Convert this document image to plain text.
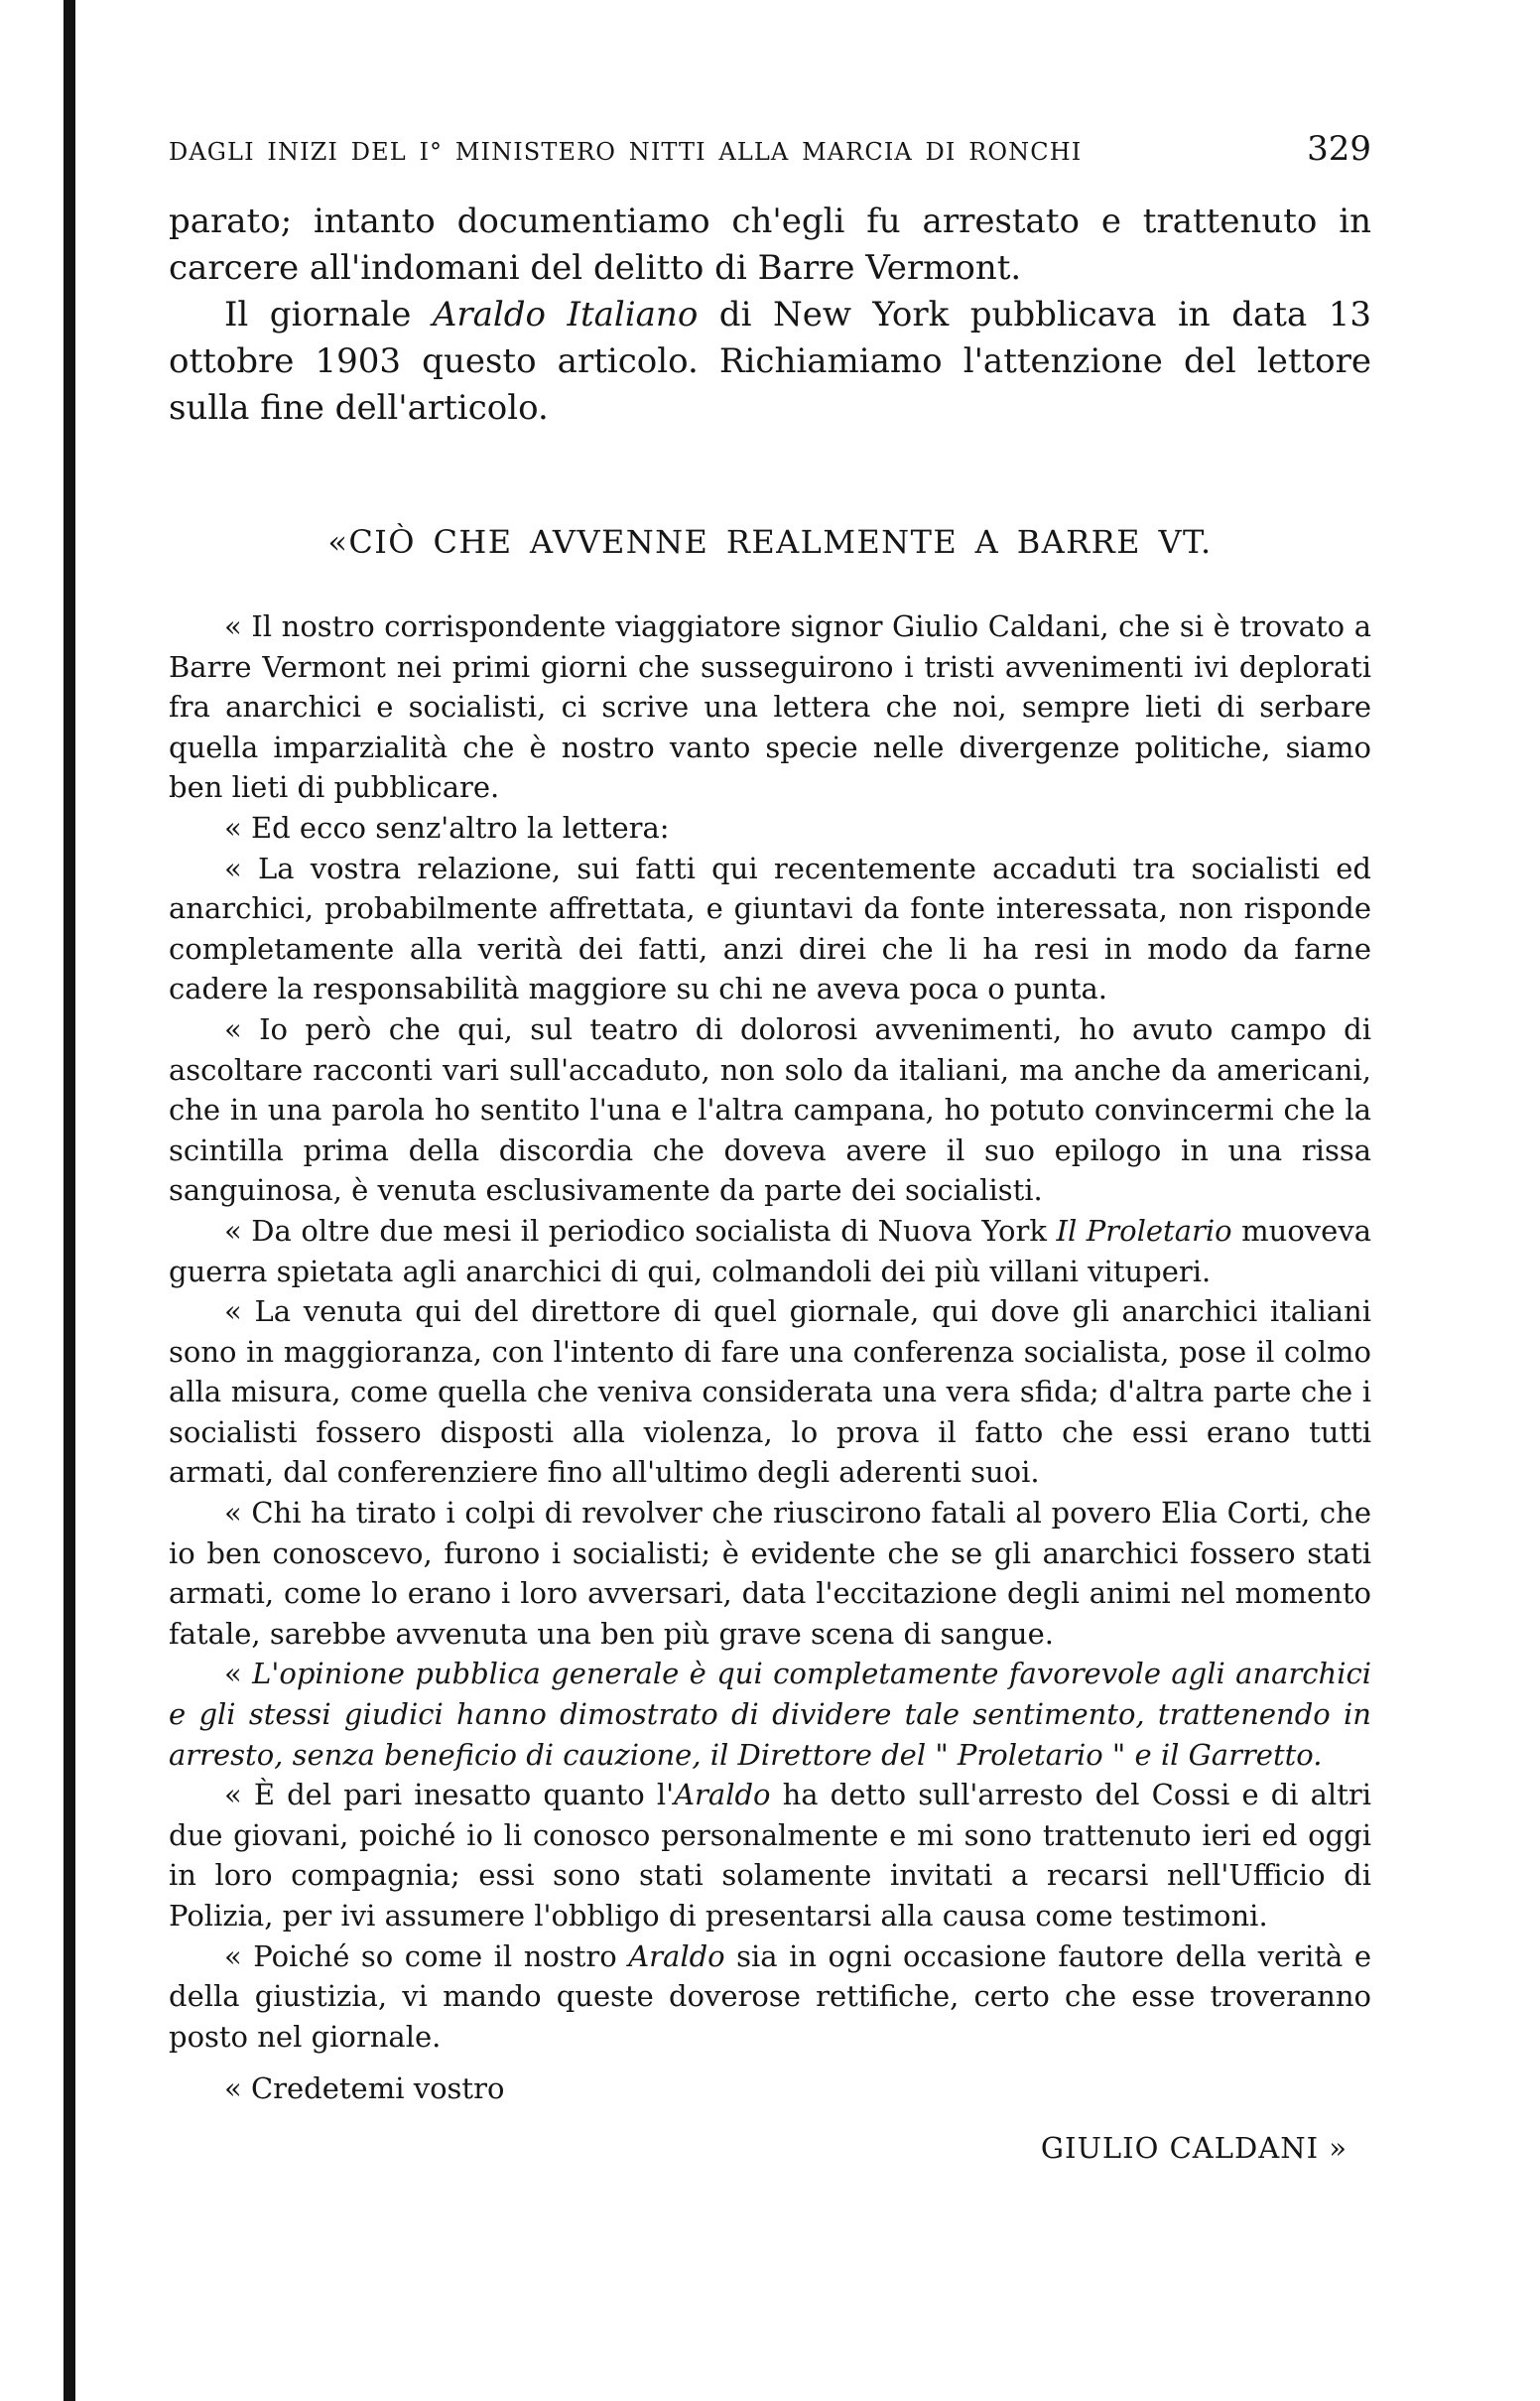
DAGLI INIZI DEL I° MINISTERO NITTI ALLA MARCIA DI RONCHI	329

parato; intanto documentiamo ch'egli fu arrestato e trattenuto in carcere all'indomani del delitto di Barre Vermont.

Il giornale Araldo Italiano di New York pubblicava in data 13 ottobre 1903 questo articolo. Richiamiamo l'attenzione del lettore sulla fine dell'articolo.

«CIÒ CHE AVVENNE REALMENTE A BARRE VT.

« Il nostro corrispondente viaggiatore signor Giulio Caldani, che si è trovato a Barre Vermont nei primi giorni che susseguirono i tristi avvenimenti ivi deplorati fra anarchici e socialisti, ci scrive una lettera che noi, sempre lieti di serbare quella imparzialità che è nostro vanto specie nelle divergenze politiche, siamo ben lieti di pubblicare.

« Ed ecco senz'altro la lettera:

« La vostra relazione, sui fatti qui recentemente accaduti tra socialisti ed anarchici, probabilmente affrettata, e giuntavi da fonte interessata, non risponde completamente alla verità dei fatti, anzi direi che li ha resi in modo da farne cadere la responsabilità maggiore su chi ne aveva poca o punta.

« Io però che qui, sul teatro di dolorosi avvenimenti, ho avuto campo di ascoltare racconti vari sull'accaduto, non solo da italiani, ma anche da americani, che in una parola ho sentito l'una e l'altra campana, ho potuto convincermi che la scintilla prima della discordia che doveva avere il suo epilogo in una rissa sanguinosa, è venuta esclusivamente da parte dei socialisti.

« Da oltre due mesi il periodico socialista di Nuova York Il Proletario muoveva guerra spietata agli anarchici di qui, colmandoli dei più villani vituperi.

« La venuta qui del direttore di quel giornale, qui dove gli anarchici italiani sono in maggioranza, con l'intento di fare una conferenza socialista, pose il colmo alla misura, come quella che veniva considerata una vera sfida; d'altra parte che i socialisti fossero disposti alla violenza, lo prova il fatto che essi erano tutti armati, dal conferenziere fino all'ultimo degli aderenti suoi.

« Chi ha tirato i colpi di revolver che riuscirono fatali al povero Elia Corti, che io ben conoscevo, furono i socialisti; è evidente che se gli anarchici fossero stati armati, come lo erano i loro avversari, data l'eccitazione degli animi nel momento fatale, sarebbe avvenuta una ben più grave scena di sangue.

« L'opinione pubblica generale è qui completamente favorevole agli anarchici e gli stessi giudici hanno dimostrato di dividere tale sentimento, trattenendo in arresto, senza beneficio di cauzione, il Direttore del " Proletario " e il Garretto.

« È del pari inesatto quanto l'Araldo ha detto sull'arresto del Cossi e di altri due giovani, poiché io li conosco personalmente e mi sono trattenuto ieri ed oggi in loro compagnia; essi sono stati solamente invitati a recarsi nell'Ufficio di Polizia, per ivi assumere l'obbligo di presentarsi alla causa come testimoni.

« Poiché so come il nostro Araldo sia in ogni occasione fautore della verità e della giustizia, vi mando queste doverose rettifiche, certo che esse troveranno posto nel giornale.

« Credetemi vostro

GIULIO CALDANI »
